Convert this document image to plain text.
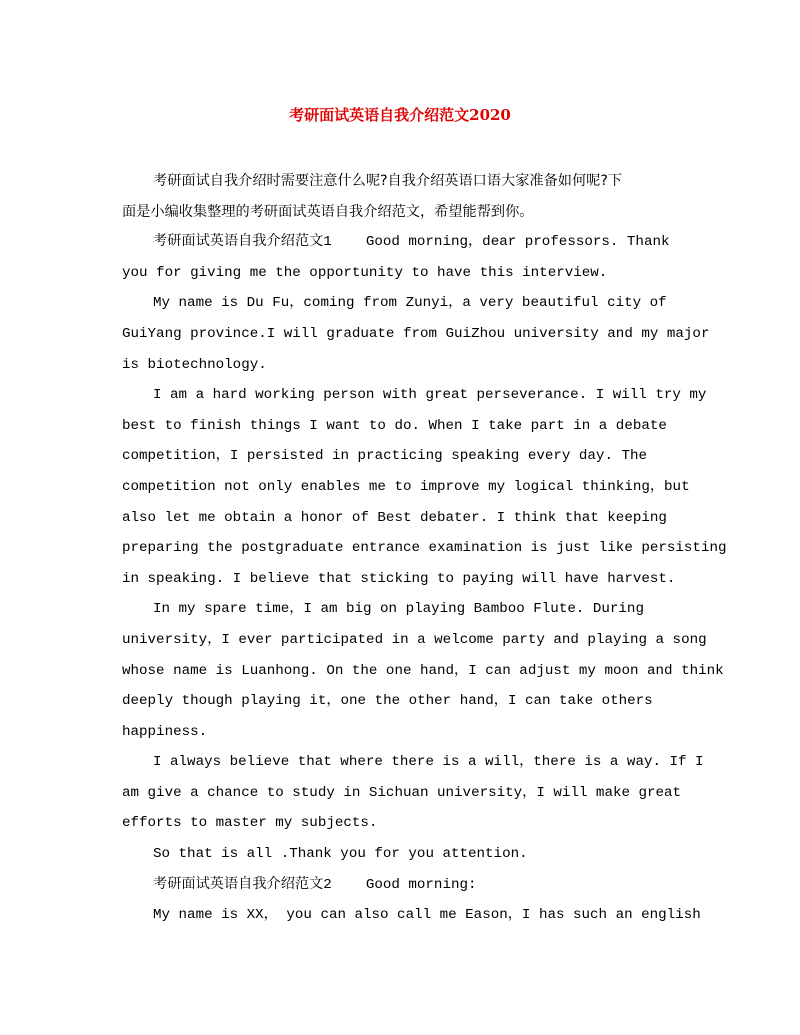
考研面试英语自我介绍范文2020
考研面试自我介绍时需要注意什么呢?自我介绍英语口语大家准备如何呢?下
面是小编收集整理的考研面试英语自我介绍范文，希望能帮到你。
考研面试英语自我介绍范文1    Good morning，dear professors. Thank
you for giving me the opportunity to have this interview.
My name is Du Fu，coming from Zunyi，a very beautiful city of
GuiYang province.I will graduate from GuiZhou university and my major
is biotechnology.
I am a hard working person with great perseverance. I will try my
best to finish things I want to do. When I take part in a debate
competition，I persisted in practicing speaking every day. The
competition not only enables me to improve my logical thinking，but
also let me obtain a honor of Best debater. I think that keeping
preparing the postgraduate entrance examination is just like persisting
in speaking. I believe that sticking to paying will have harvest.
In my spare time，I am big on playing Bamboo Flute. During
university，I ever participated in a welcome party and playing a song
whose name is Luanhong. On the one hand，I can adjust my moon and think
deeply though playing it，one the other hand，I can take others
happiness.
I always believe that where there is a will，there is a way. If I
am give a chance to study in Sichuan university，I will make great
efforts to master my subjects.
So that is all .Thank you for you attention.
考研面试英语自我介绍范文2    Good morning:
My name is XX， you can also call me Eason，I has such an english
